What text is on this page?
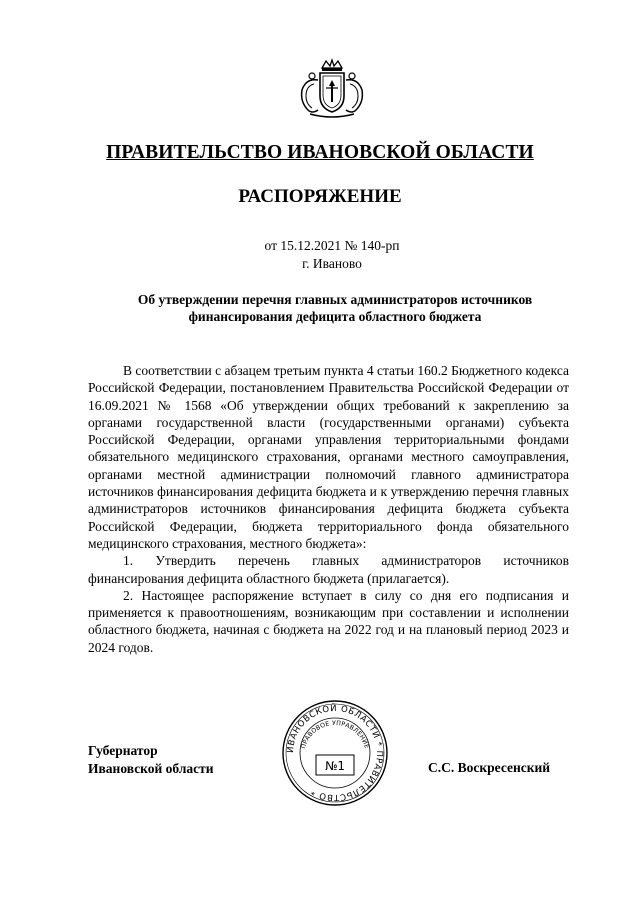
ПРАВИТЕЛЬСТВО ИВАНОВСКОЙ ОБЛАСТИ
РАСПОРЯЖЕНИЕ
от 15.12.2021 № 140-рп
г. Иваново
Об утверждении перечня главных администраторов источников финансирования дефицита областного бюджета

В соответствии с абзацем третьим пункта 4 статьи 160.2 Бюджетного кодекса Российской Федерации, постановлением Правительства Российской Федерации от 16.09.2021 № 1568 «Об утверждении общих требований к закреплению за органами государственной власти (государственными органами) субъекта Российской Федерации, органами управления территориальными фондами обязательного медицинского страхования, органами местного самоуправления, органами местной администрации полномочий главного администратора источников финансирования дефицита бюджета и к утверждению перечня главных администраторов источников финансирования дефицита бюджета субъекта Российской Федерации, бюджета территориального фонда обязательного медицинского страхования, местного бюджета»:

1. Утвердить перечень главных администраторов источников финансирования дефицита областного бюджета (прилагается).

2. Настоящее распоряжение вступает в силу со дня его подписания и применяется к правоотношениям, возникающим при составлении и исполнении областного бюджета, начиная с бюджета на 2022 год и на плановый период 2023 и 2024 годов.

Губернатор
Ивановской области
ИВАНОВСКОЙ ОБЛАСТИ * ПРАВИТЕЛЬСТВО *
ПРАВОВОЕ УПРАВЛЕНИЕ
№1	С.С. Воскресенский
